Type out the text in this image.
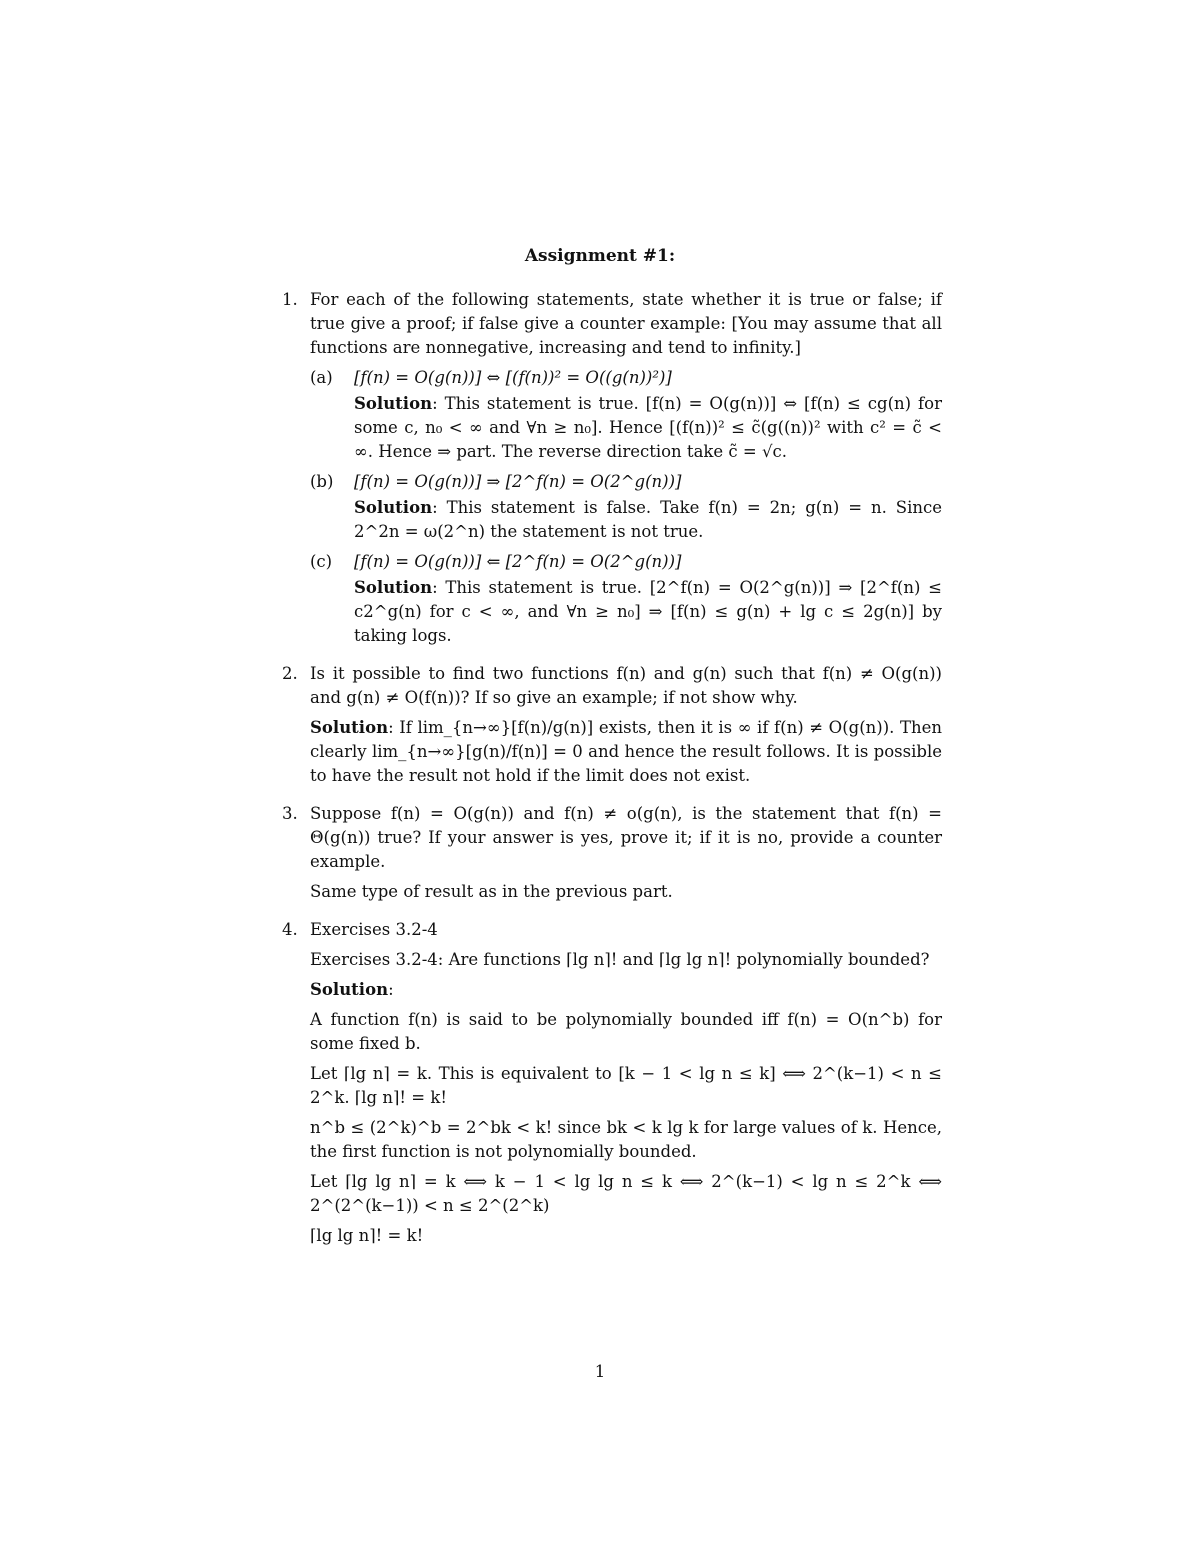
Assignment #1:
1. For each of the following statements, state whether it is true or false; if true give a proof; if false give a counter example: [You may assume that all functions are nonnegative, increasing and tend to infinity.]

(a) [f(n) = O(g(n))] ⇔ [(f(n))² = O((g(n))²)]
Solution: This statement is true. [f(n) = O(g(n))] ⇔ [f(n) ≤ cg(n) for some c, n₀ < ∞ and ∀n ≥ n₀]. Hence [(f(n))² ≤ c̃(g((n))² with c² = c̃ < ∞. Hence ⇒ part. The reverse direction take c̃ = √c.
(b) [f(n) = O(g(n))] ⇒ [2^f(n) = O(2^g(n))]
Solution: This statement is false. Take f(n) = 2n; g(n) = n. Since 2^2n = ω(2^n) the statement is not true.
(c) [f(n) = O(g(n))] ⇐ [2^f(n) = O(2^g(n))]
Solution: This statement is true. [2^f(n) = O(2^g(n))] ⇒ [2^f(n) ≤ c2^g(n) for c < ∞, and ∀n ≥ n₀] ⇒ [f(n) ≤ g(n) + lg c ≤ 2g(n)] by taking logs.
2. Is it possible to find two functions f(n) and g(n) such that f(n) ≠ O(g(n)) and g(n) ≠ O(f(n))? If so give an example; if not show why.

Solution: If lim_{n→∞}[f(n)/g(n)] exists, then it is ∞ if f(n) ≠ O(g(n)). Then clearly lim_{n→∞}[g(n)/f(n)] = 0 and hence the result follows. It is possible to have the result not hold if the limit does not exist.

3. Suppose f(n) = O(g(n)) and f(n) ≠ o(g(n), is the statement that f(n) = Θ(g(n)) true? If your answer is yes, prove it; if it is no, provide a counter example.

Same type of result as in the previous part.

4. Exercises 3.2-4

Exercises 3.2-4: Are functions ⌈lg n⌉! and ⌈lg lg n⌉! polynomially bounded?

Solution:

A function f(n) is said to be polynomially bounded iff f(n) = O(n^b) for some fixed b.

Let ⌈lg n⌉ = k. This is equivalent to [k − 1 < lg n ≤ k] ⟺ 2^(k−1) < n ≤ 2^k. ⌈lg n⌉! = k!

n^b ≤ (2^k)^b = 2^bk < k! since bk < k lg k for large values of k. Hence, the first function is not polynomially bounded.

Let ⌈lg lg n⌉ = k ⟺ k − 1 < lg lg n ≤ k ⟺ 2^(k−1) < lg n ≤ 2^k ⟺ 2^(2^(k−1)) < n ≤ 2^(2^k)

⌈lg lg n⌉! = k!

1
